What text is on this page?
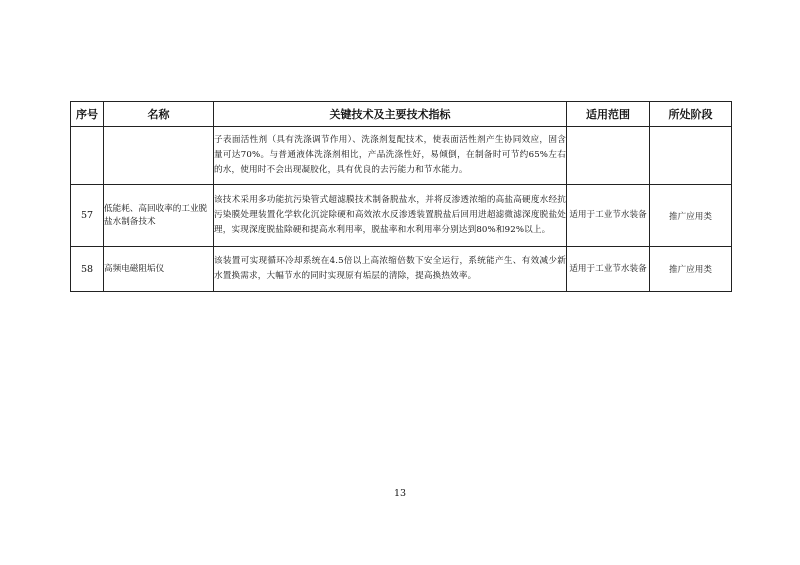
序号	名称	关键技术及主要技术指标	适用范围	所处阶段
		子表面活性剂（具有洗涤调节作用）、洗涤剂复配技术，使表面活性剂产生协同效应，固含量可达70%。与普通液体洗涤剂相比，产品洗涤性好，易倾倒，在制备时可节约65%左右的水，使用时不会出现凝胶化，具有优良的去污能力和节水能力。		
57	低能耗、高回收率的工业脱盐水制备技术	该技术采用多功能抗污染管式超滤膜技术制备脱盐水，并将反渗透浓缩的高盐高硬度水经抗污染膜处理装置化学软化沉淀除硬和高效浓水反渗透装置脱盐后回用进超滤微滤深度脱盐处理，实现深度脱盐除硬和提高水利用率，脱盐率和水利用率分别达到80%和92%以上。	适用于工业节水装备	推广应用类
58	高频电磁阻垢仪	该装置可实现循环冷却系统在4.5倍以上高浓缩倍数下安全运行，系统能产生、有效减少新水置换需求，大幅节水的同时实现原有垢层的清除，提高换热效率。	适用于工业节水装备	推广应用类
13
